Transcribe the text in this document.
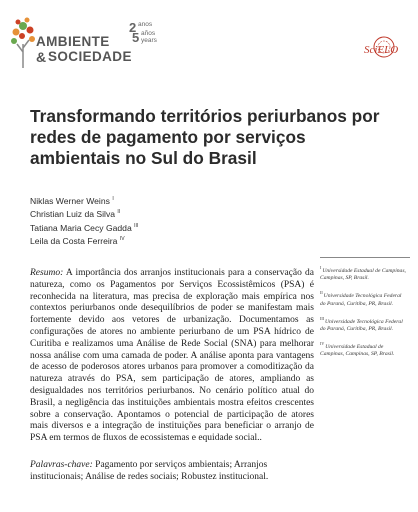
AMBIENTE
& SOCIEDADE
2 anos
5 años
years
SciELO
Transformando territórios periurbanos por redes de pagamento por serviços ambientais no Sul do Brasil
Niklas Werner Weins $^I$
Christian Luiz da Silva $^{II}$
Tatiana Maria Cecy Gadda $^{III}$
Leila da Costa Ferreira $^{IV}$
Resumo: A importância dos arranjos institucionais para a conservação da natureza, como os Pagamentos por Serviços Ecossistêmicos (PSA) é reconhecida na literatura, mas precisa de exploração mais empírica nos contextos periurbanos onde desequilíbrios de poder se manifestam mais fortemente devido aos vetores de urbanização. Documentamos as configurações de atores no ambiente periurbano de um PSA hídrico de Curitiba e realizamos uma Análise de Rede Social (SNA) para melhorar nossa análise com uma camada de poder. A análise aponta para vantagens de acesso de poderosos atores urbanos para promover a comoditização da natureza através do PSA, sem participação de atores, ampliando as desigualdades nos territórios periurbanos. No cenário político atual do Brasil, a negligência das instituições ambientais mostra efeitos crescentes sobre a conservação. Apontamos o potencial de participação de atores mais diversos e a integração de instituições para beneficiar o arranjo de PSA em termos de fluxos de ecossistemas e equidade social..
Palavras-chave: Pagamento por serviços ambientais; Arranjos institucionais; Análise de redes sociais; Robustez institucional.
$^I$Universidade Estadual de Campinas, Campinas, SP, Brasil.
$^{II}$Universidade Tecnológica Federal do Paraná, Curitiba, PR, Brasil.
$^{III}$Universidade Tecnológica Federal do Paraná, Curitiba, PR, Brasil.
$^{IV}$Universidade Estadual de Campinas, Campinas, SP, Brasil.
